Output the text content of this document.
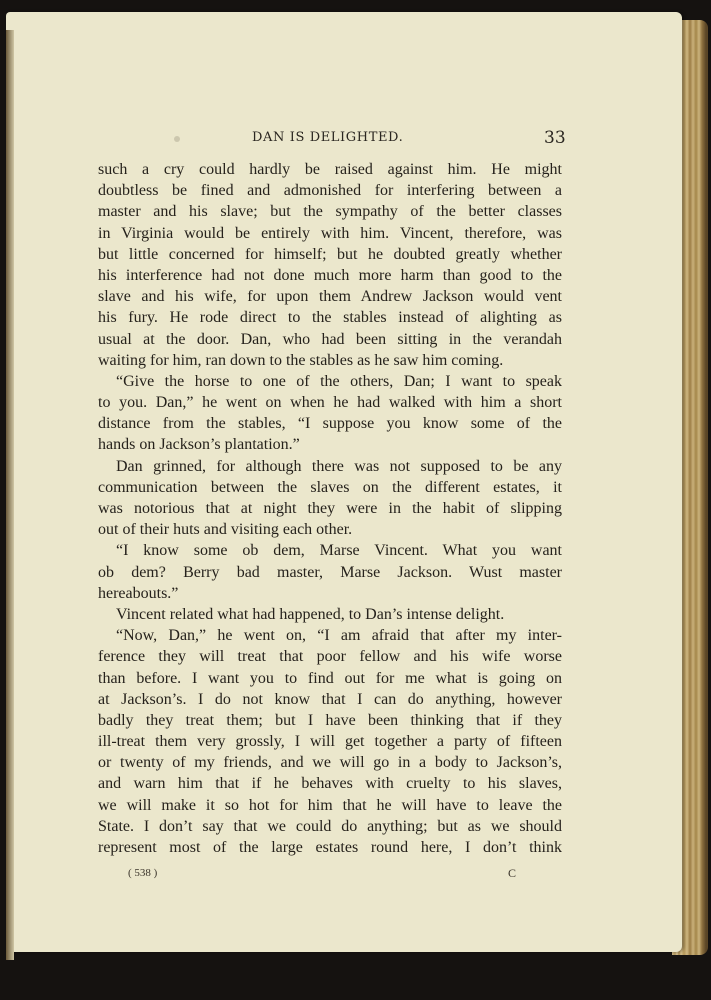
DAN IS DELIGHTED.	33
such a cry could hardly be raised against him. He might
doubtless be fined and admonished for interfering between a
master and his slave; but the sympathy of the better classes
in Virginia would be entirely with him. Vincent, therefore, was
but little concerned for himself; but he doubted greatly whether
his interference had not done much more harm than good to the
slave and his wife, for upon them Andrew Jackson would vent
his fury. He rode direct to the stables instead of alighting as
usual at the door. Dan, who had been sitting in the verandah
waiting for him, ran down to the stables as he saw him coming.
“Give the horse to one of the others, Dan; I want to speak
to you. Dan,” he went on when he had walked with him a short
distance from the stables, “I suppose you know some of the
hands on Jackson’s plantation.”
Dan grinned, for although there was not supposed to be any
communication between the slaves on the different estates, it
was notorious that at night they were in the habit of slipping
out of their huts and visiting each other.
“I know some ob dem, Marse Vincent. What you want
ob dem? Berry bad master, Marse Jackson. Wust master
hereabouts.”
Vincent related what had happened, to Dan’s intense delight.
“Now, Dan,” he went on, “I am afraid that after my inter-
ference they will treat that poor fellow and his wife worse
than before. I want you to find out for me what is going on
at Jackson’s. I do not know that I can do anything, however
badly they treat them; but I have been thinking that if they
ill-treat them very grossly, I will get together a party of fifteen
or twenty of my friends, and we will go in a body to Jackson’s,
and warn him that if he behaves with cruelty to his slaves,
we will make it so hot for him that he will have to leave the
State. I don’t say that we could do anything; but as we should
represent most of the large estates round here, I don’t think
( 538 )	C
